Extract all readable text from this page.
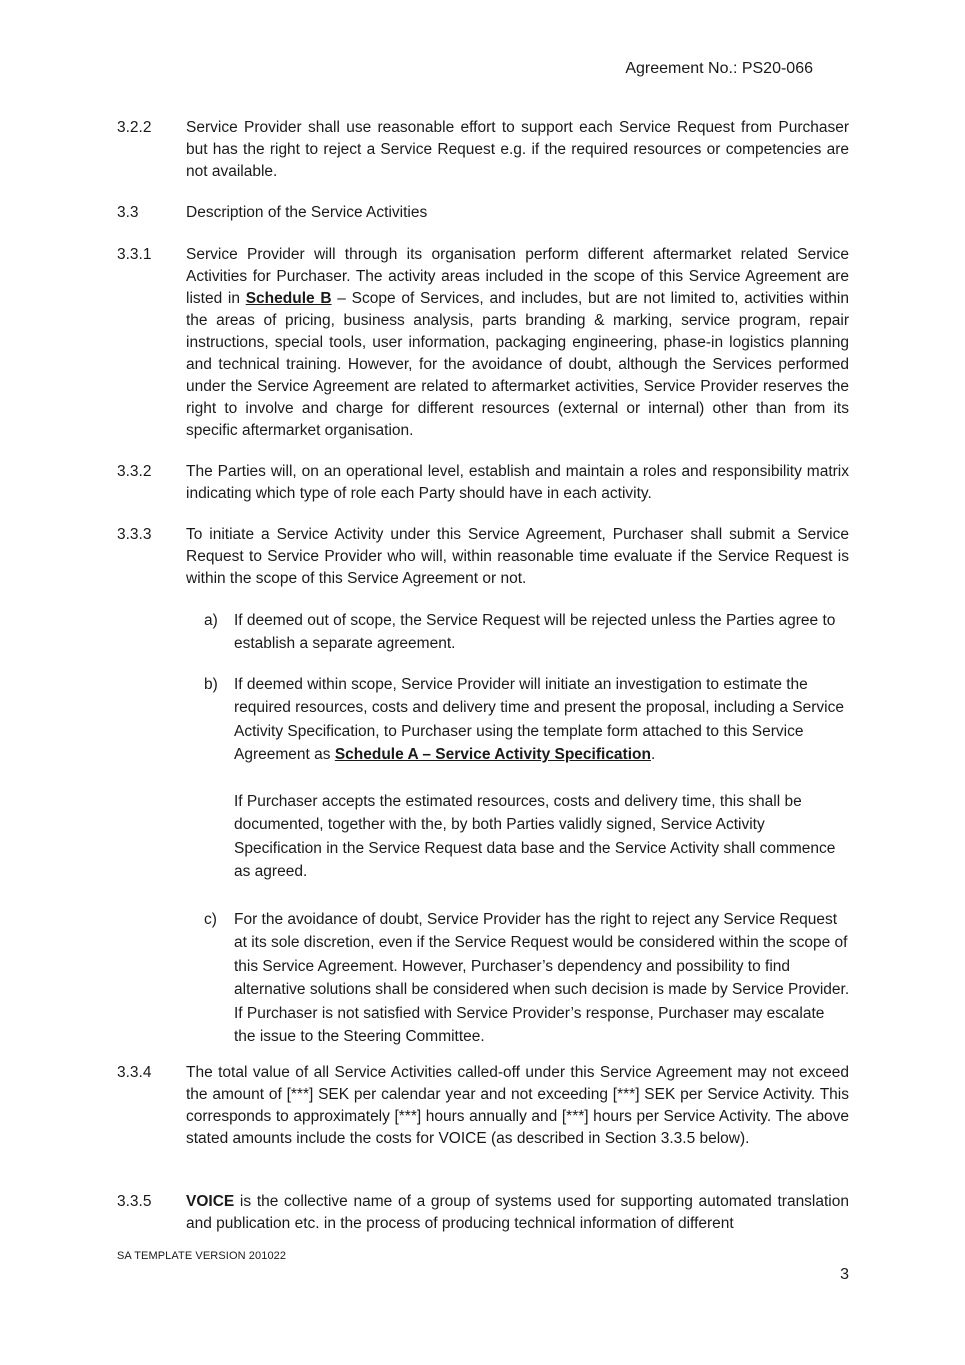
Agreement No.: PS20-066
3.2.2	Service Provider shall use reasonable effort to support each Service Request from Purchaser but has the right to reject a Service Request e.g. if the required resources or competencies are not available.
3.3	Description of the Service Activities
3.3.1	Service Provider will through its organisation perform different aftermarket related Service Activities for Purchaser. The activity areas included in the scope of this Service Agreement are listed in Schedule B – Scope of Services, and includes, but are not limited to, activities within the areas of pricing, business analysis, parts branding & marking, service program, repair instructions, special tools, user information, packaging engineering, phase-in logistics planning and technical training. However, for the avoidance of doubt, although the Services performed under the Service Agreement are related to aftermarket activities, Service Provider reserves the right to involve and charge for different resources (external or internal) other than from its specific aftermarket organisation.
3.3.2	The Parties will, on an operational level, establish and maintain a roles and responsibility matrix indicating which type of role each Party should have in each activity.
3.3.3	To initiate a Service Activity under this Service Agreement, Purchaser shall submit a Service Request to Service Provider who will, within reasonable time evaluate if the Service Request is within the scope of this Service Agreement or not.
a)	If deemed out of scope, the Service Request will be rejected unless the Parties agree to establish a separate agreement.
b)	If deemed within scope, Service Provider will initiate an investigation to estimate the required resources, costs and delivery time and present the proposal, including a Service Activity Specification, to Purchaser using the template form attached to this Service Agreement as Schedule A – Service Activity Specification.
If Purchaser accepts the estimated resources, costs and delivery time, this shall be documented, together with the, by both Parties validly signed, Service Activity Specification in the Service Request data base and the Service Activity shall commence as agreed.
c)	For the avoidance of doubt, Service Provider has the right to reject any Service Request at its sole discretion, even if the Service Request would be considered within the scope of this Service Agreement. However, Purchaser’s dependency and possibility to find alternative solutions shall be considered when such decision is made by Service Provider. If Purchaser is not satisfied with Service Provider’s response, Purchaser may escalate the issue to the Steering Committee.
3.3.4	The total value of all Service Activities called-off under this Service Agreement may not exceed the amount of [***] SEK per calendar year and not exceeding [***] SEK per Service Activity. This corresponds to approximately [***] hours annually and [***] hours per Service Activity. The above stated amounts include the costs for VOICE (as described in Section 3.3.5 below).
3.3.5	VOICE is the collective name of a group of systems used for supporting automated translation and publication etc. in the process of producing technical information of different
SA TEMPLATE VERSION 201022
3
